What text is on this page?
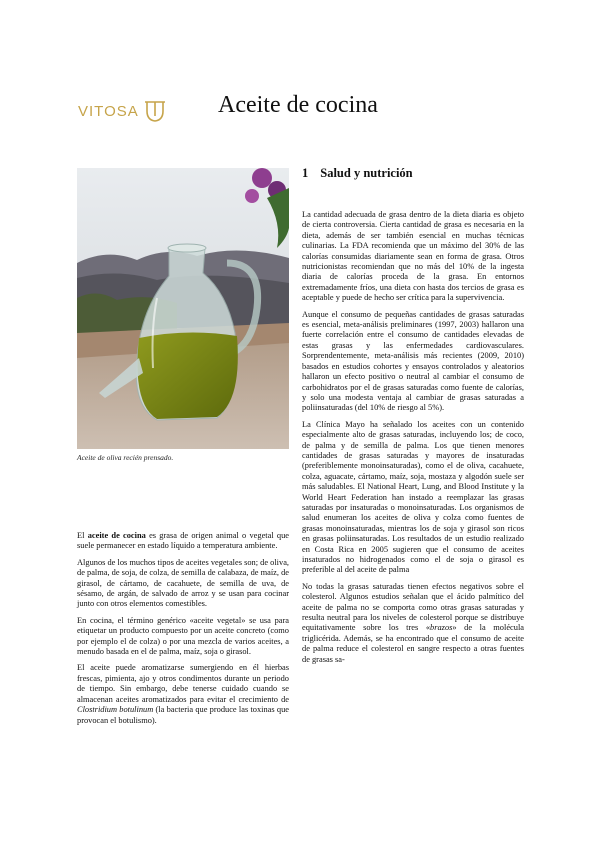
VITOSA	Aceite de cocina
Aceite de oliva recién prensado.

El aceite de cocina es grasa de origen animal o vegetal que suele permanecer en estado líquido a temperatura ambiente.

Algunos de los muchos tipos de aceites vegetales son; de oliva, de palma, de soja, de colza, de semilla de calabaza, de maíz, de girasol, de cártamo, de cacahuete, de semilla de uva, de sésamo, de argán, de salvado de arroz y se usan para cocinar junto con otros elementos comestibles.

En cocina, el término genérico «aceite vegetal» se usa para etiquetar un producto compuesto por un aceite concreto (como por ejemplo el de colza) o por una mezcla de varios aceites, a menudo basada en el de palma, maíz, soja o girasol.

El aceite puede aromatizarse sumergiendo en él hierbas frescas, pimienta, ajo y otros condimentos durante un periodo de tiempo. Sin embargo, debe tenerse cuidado cuando se almacenan aceites aromatizados para evitar el crecimiento de Clostridium botulinum (la bacteria que produce las toxinas que provocan el botulismo).

1 Salud y nutrición

La cantidad adecuada de grasa dentro de la dieta diaria es objeto de cierta controversia. Cierta cantidad de grasa es necesaria en la dieta, además de ser también esencial en muchas técnicas culinarias. La FDA recomienda que un máximo del 30% de las calorías consumidas diariamente sean en forma de grasa. Otros nutricionistas recomiendan que no más del 10% de la ingesta diaria de calorías proceda de la grasa. En entornos extremadamente fríos, una dieta con hasta dos tercios de grasa es aceptable y puede de hecho ser crítica para la supervivencia.

Aunque el consumo de pequeñas cantidades de grasas saturadas es esencial, meta-análisis preliminares (1997, 2003) hallaron una fuerte correlación entre el consumo de cantidades elevadas de estas grasas y las enfermedades cardiovasculares. Sorprendentemente, meta-análisis más recientes (2009, 2010) basados en estudios cohortes y ensayos controlados y aleatorios hallaron un efecto positivo o neutral al cambiar el consumo de carbohidratos por el de grasas saturadas como fuente de calorías, y solo una modesta ventaja al cambiar de grasas saturadas a poliinsaturadas (del 10% de riesgo al 5%).

La Clínica Mayo ha señalado los aceites con un contenido especialmente alto de grasas saturadas, incluyendo los; de coco, de palma y de semilla de palma. Los que tienen menores cantidades de grasas saturadas y mayores de insaturadas (preferiblemente monoinsaturadas), como el de oliva, cacahuete, colza, aguacate, cártamo, maíz, soja, mostaza y algodón suele ser más saludables. El National Heart, Lung, and Blood Institute y la World Heart Federation han instado a reemplazar las grasas saturadas por insaturadas o monoinsaturadas. Los organismos de salud enumeran los aceites de oliva y colza como fuentes de grasas monoinsaturadas, mientras los de soja y girasol son ricos en grasas poliinsaturadas. Los resultados de un estudio realizado en Costa Rica en 2005 sugieren que el consumo de aceites insaturados no hidrogenados como el de soja o girasol es preferible al del aceite de palma

No todas la grasas saturadas tienen efectos negativos sobre el colesterol. Algunos estudios señalan que el ácido palmítico del aceite de palma no se comporta como otras grasas saturadas y resulta neutral para los niveles de colesterol porque se distribuye equitativamente sobre los tres «brazos» de la molécula triglicérida. Además, se ha encontrado que el consumo de aceite de palma reduce el colesterol en sangre respecto a otras fuentes de grasas sa-
